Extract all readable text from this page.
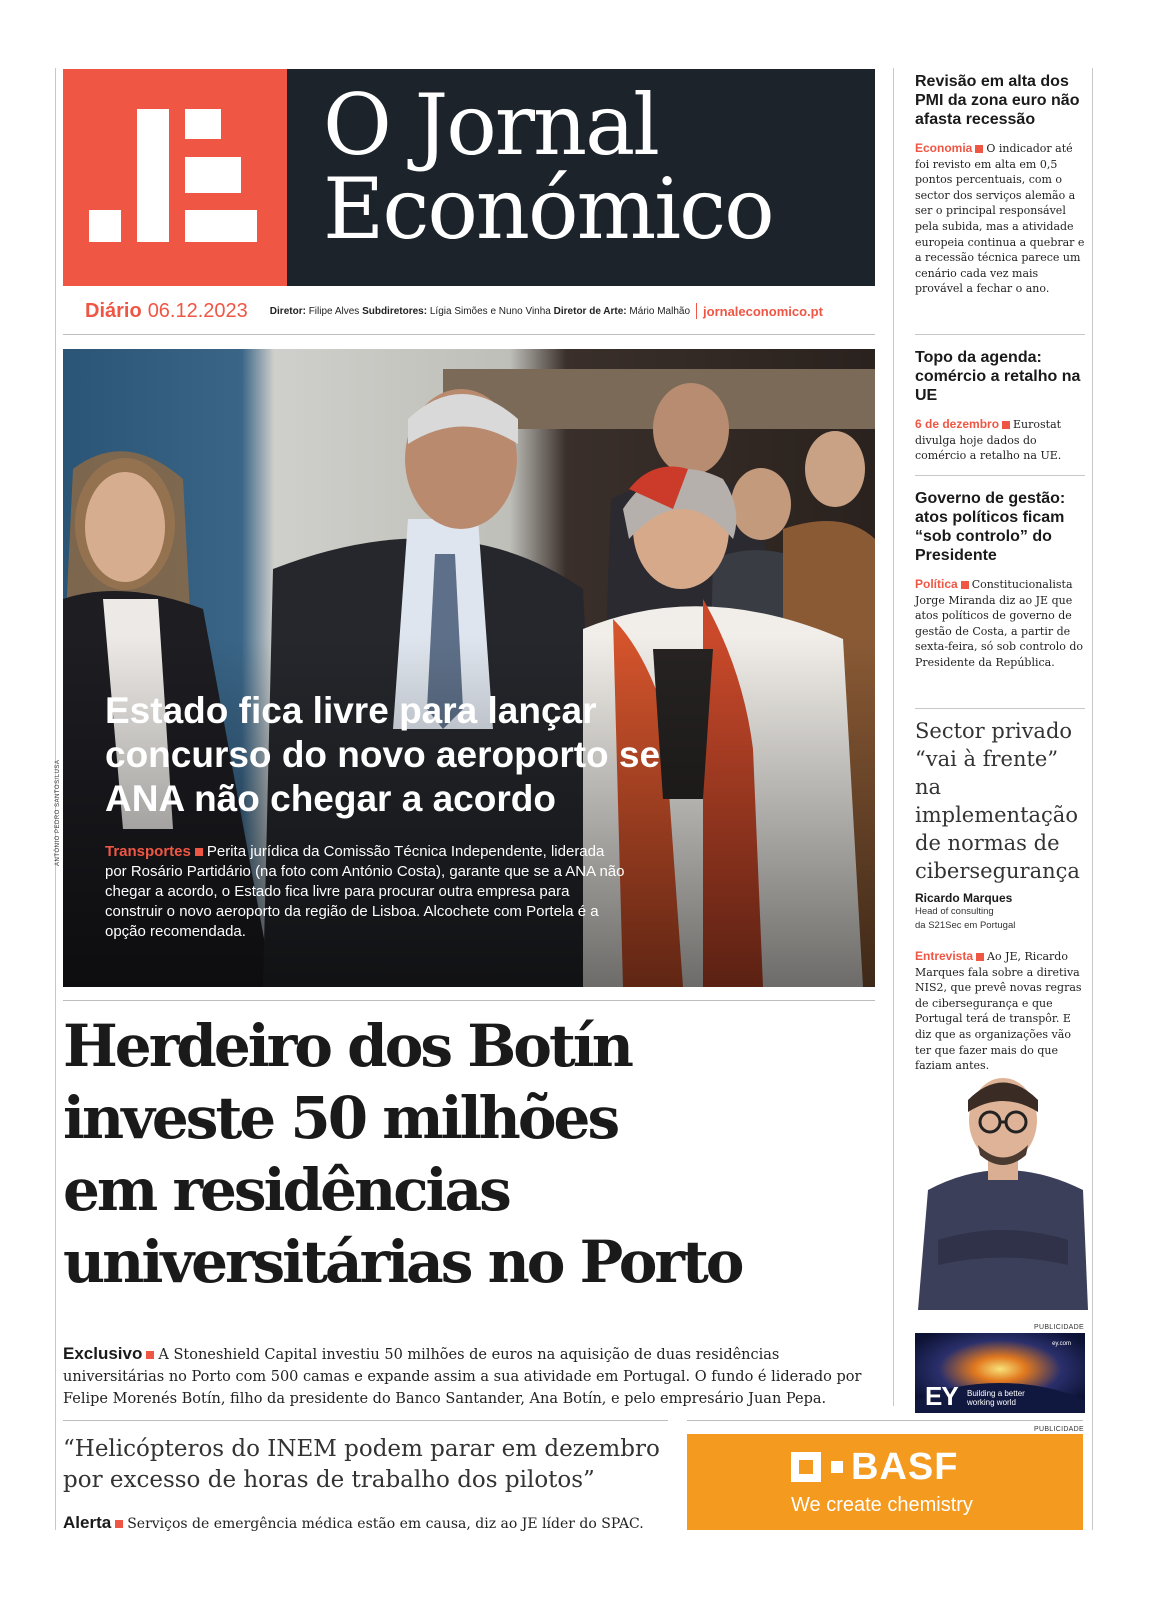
O Jornal
Económico
Diário 06.12.2023 Diretor: Filipe Alves Subdiretores: Lígia Simões e Nuno Vinha Diretor de Arte: Mário Malhão jornaleconomico.pt
ANTÓNIO PEDRO SANTOS/LUSA
Estado fica livre para lançar concurso do novo aeroporto se ANA não chegar a acordo
Transportes Perita jurídica da Comissão Técnica Independente, liderada por Rosário Partidário (na foto com António Costa), garante que se a ANA não chegar a acordo, o Estado fica livre para procurar outra empresa para construir o novo aeroporto da região de Lisboa. Alcochete com Portela é a opção recomendada.
Herdeiro dos Botín
investe 50 milhões
em residências
universitárias no Porto
Exclusivo A Stoneshield Capital investiu 50 milhões de euros na aquisição de duas residências universitárias no Porto com 500 camas e expande assim a sua atividade em Portugal. O fundo é liderado por Felipe Morenés Botín, filho da presidente do Banco Santander, Ana Botín, e pelo empresário Juan Pepa.
“Helicópteros do INEM podem parar em dezembro por excesso de horas de trabalho dos pilotos”
Alerta Serviços de emergência médica estão em causa, diz ao JE líder do SPAC.
PUBLICIDADE
BASF
We create chemistry
Revisão em alta dos PMI da zona euro não afasta recessão
Economia O indicador até foi revisto em alta em 0,5 pontos percentuais, com o sector dos serviços alemão a ser o principal responsável pela subida, mas a atividade europeia continua a quebrar e a recessão técnica parece um cenário cada vez mais provável a fechar o ano.
Topo da agenda: comércio a retalho na UE
6 de dezembro Eurostat divulga hoje dados do comércio a retalho na UE.
Governo de gestão: atos políticos ficam “sob controlo” do Presidente
Política Constitucionalista Jorge Miranda diz ao JE que atos políticos de governo de gestão de Costa, a partir de sexta-feira, só sob controlo do Presidente da República.
Sector privado “vai à frente” na implementação de normas de cibersegurança
Ricardo Marques
Head of consulting
da S21Sec em Portugal
Entrevista Ao JE, Ricardo Marques fala sobre a diretiva NIS2, que prevê novas regras de cibersegurança e que Portugal terá de transpôr. E diz que as organizações vão ter que fazer mais do que faziam antes.
PUBLICIDADE
ey.com
EY Building a better
working world
